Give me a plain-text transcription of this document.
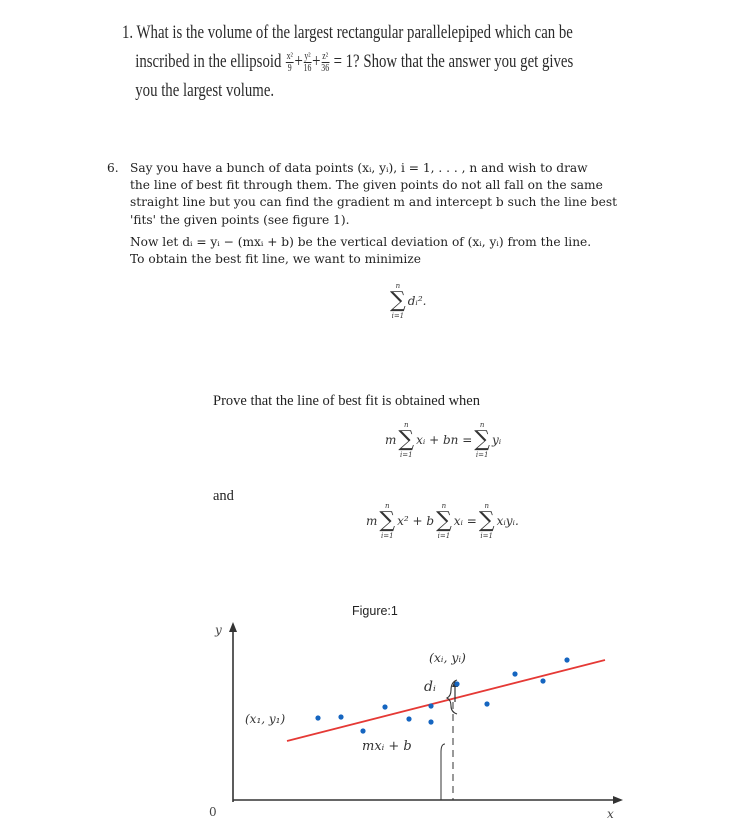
1. What is the volume of the largest rectangular parallelepiped which can be
inscribed in the ellipsoid $\frac{\text{x²}}{9} + \frac{\text{y²}}{16} + \frac{\text{z²}}{36} = 1$? Show that the answer you get gives
you the largest volume.
6. Say you have a bunch of data points (xᵢ, yᵢ), i = 1, . . . , n and wish to draw

the line of best fit through them. The given points do not all fall on the same

straight line but you can find the gradient m and intercept b such the line best

'fits' the given points (see figure 1).

Now let dᵢ = yᵢ − (mxᵢ + b) be the vertical deviation of (xᵢ, yᵢ) from the line.

To obtain the best fit line, we want to minimize

n
∑
i=1
dᵢ².
Prove that the line of best fit is obtained when
m
n
∑
i=1
xᵢ + bn =
n
∑
i=1
yᵢ
and
m
n
∑
i=1
x² + b
n
∑
i=1
xᵢ =
n
∑
i=1
xᵢyᵢ.
Figure:1
y
x
0
(x₁, y₁)
(xᵢ, yᵢ)
dᵢ
mxᵢ + b
